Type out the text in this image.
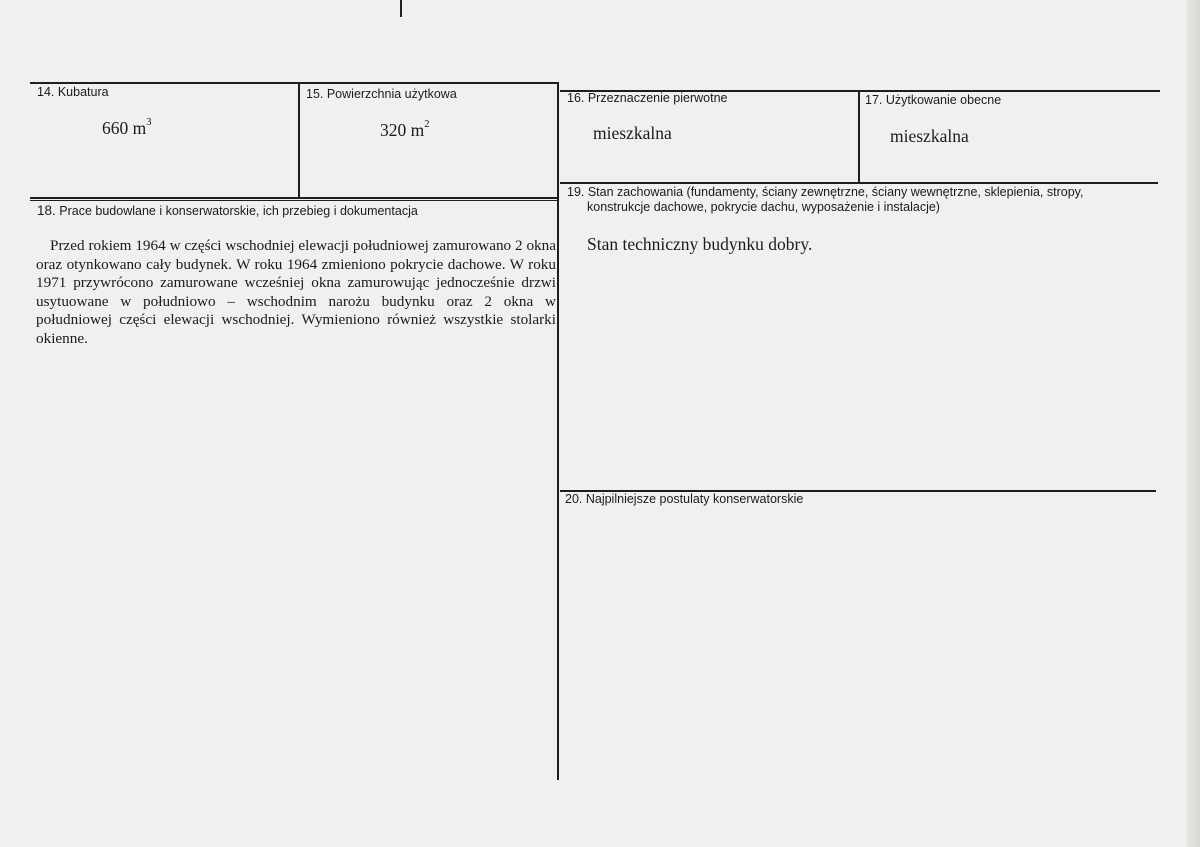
14. Kubatura
660 $m^3$
15. Powierzchnia użytkowa
320 $m^2$
16. Przeznaczenie pierwotne
mieszkalna
17. Użytkowanie obecne
mieszkalna
18. Prace budowlane i konserwatorskie, ich przebieg i dokumentacja
Przed rokiem 1964 w części wschodniej elewacji południowej zamurowano 2 okna oraz otynkowano cały budynek. W roku 1964 zmieniono pokrycie dachowe. W roku 1971 przywrócono zamurowane wcześniej okna zamurowując jednocześnie drzwi usytuowane w południowo – wschodnim narożu budynku oraz 2 okna w południowej części elewacji wschodniej. Wymieniono również wszystkie stolarki okienne.
19. Stan zachowania (fundamenty, ściany zewnętrzne, ściany wewnętrzne, sklepienia, stropy,
konstrukcje dachowe, pokrycie dachu, wyposażenie i instalacje)
Stan techniczny budynku dobry.
20. Najpilniejsze postulaty konserwatorskie
